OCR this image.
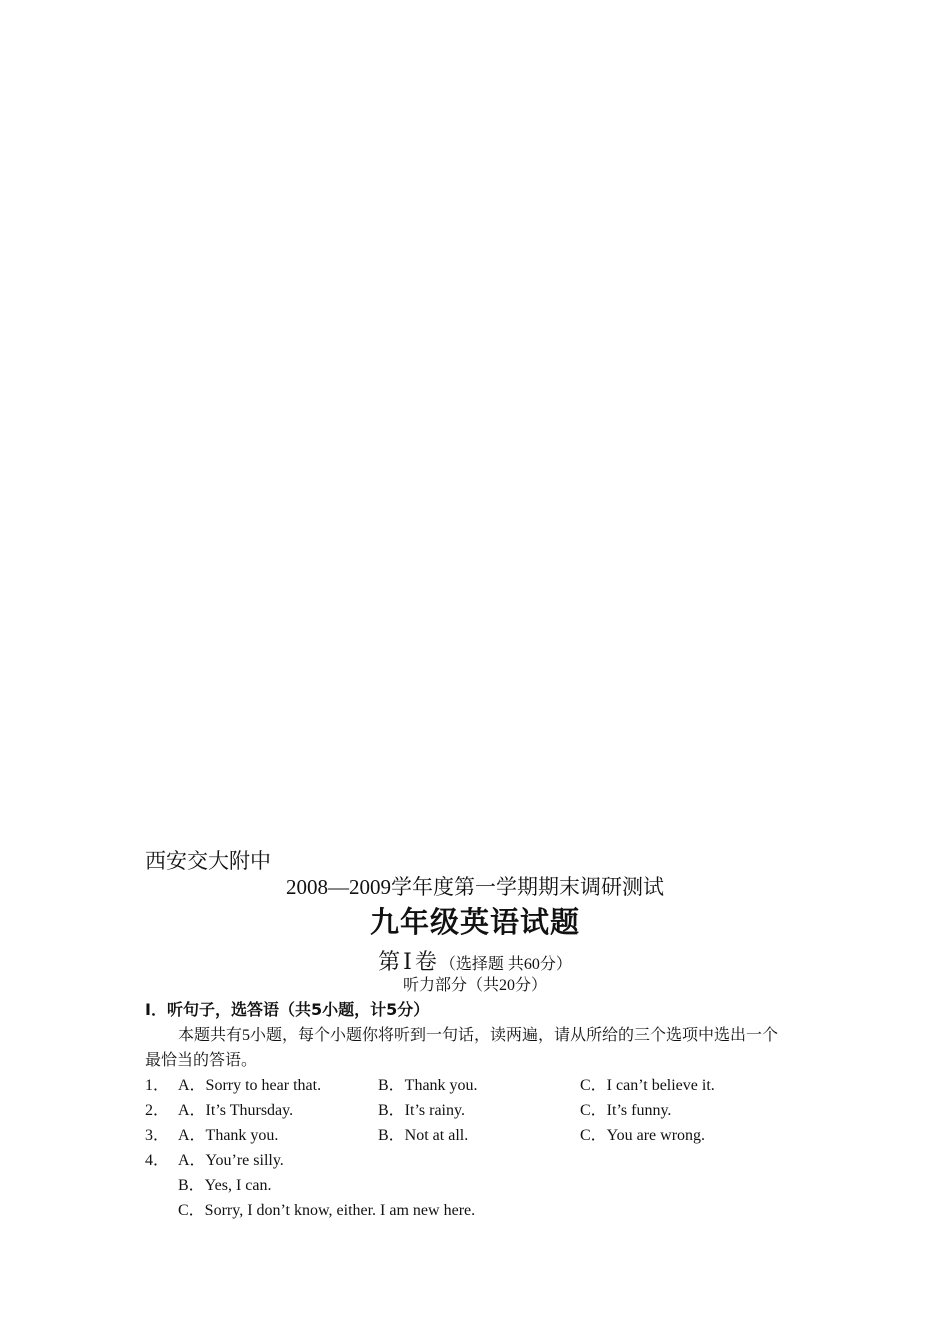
西安交大附中
2008—2009学年度第一学期期末调研测试
九年级英语试题
第Ⅰ卷（选择题 共60分）
听力部分（共20分）
Ⅰ．听句子，选答语（共5小题，计5分）
本题共有5小题，每个小题你将听到一句话，读两遍，请从所给的三个选项中选出一个
最恰当的答语。
1． A．Sorry to hear that.	B．Thank you.	C．I can’t believe it.
2． A．It’s Thursday.	B．It’s rainy.	C．It’s funny.
3． A．Thank you.	B．Not at all.	C．You are wrong.
4． A．You’re silly.
B．Yes, I can.
C．Sorry, I don’t know, either. I am new here.
